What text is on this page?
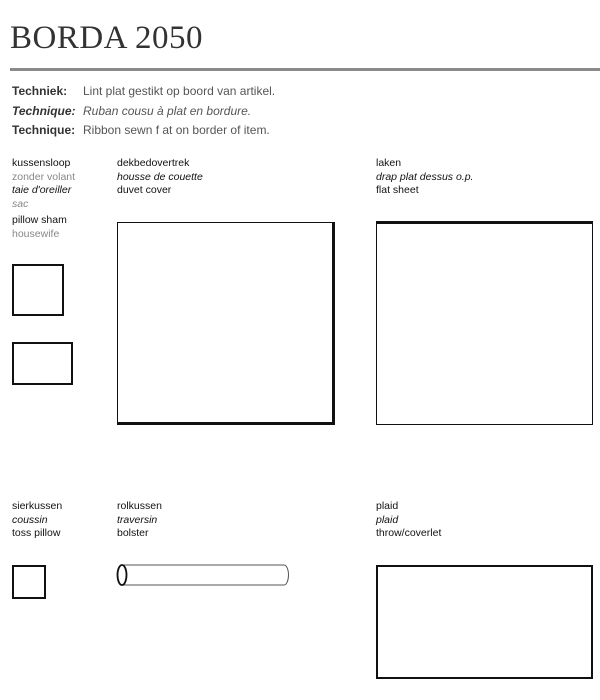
BORDA 2050
Techniek: Lint plat gestikt op boord van artikel.
Technique: Ruban cousu à plat en bordure.
Technique: Ribbon sewn f at on border of item.
kussensloop
zonder volant
taie d'oreiller
sac
pillow sham
housewife
dekbedovertrek
housse de couette
duvet cover
laken
drap plat dessus o.p.
flat sheet
sierkussen
coussin
toss pillow
rolkussen
traversin
bolster
plaid
plaid
throw/coverlet
